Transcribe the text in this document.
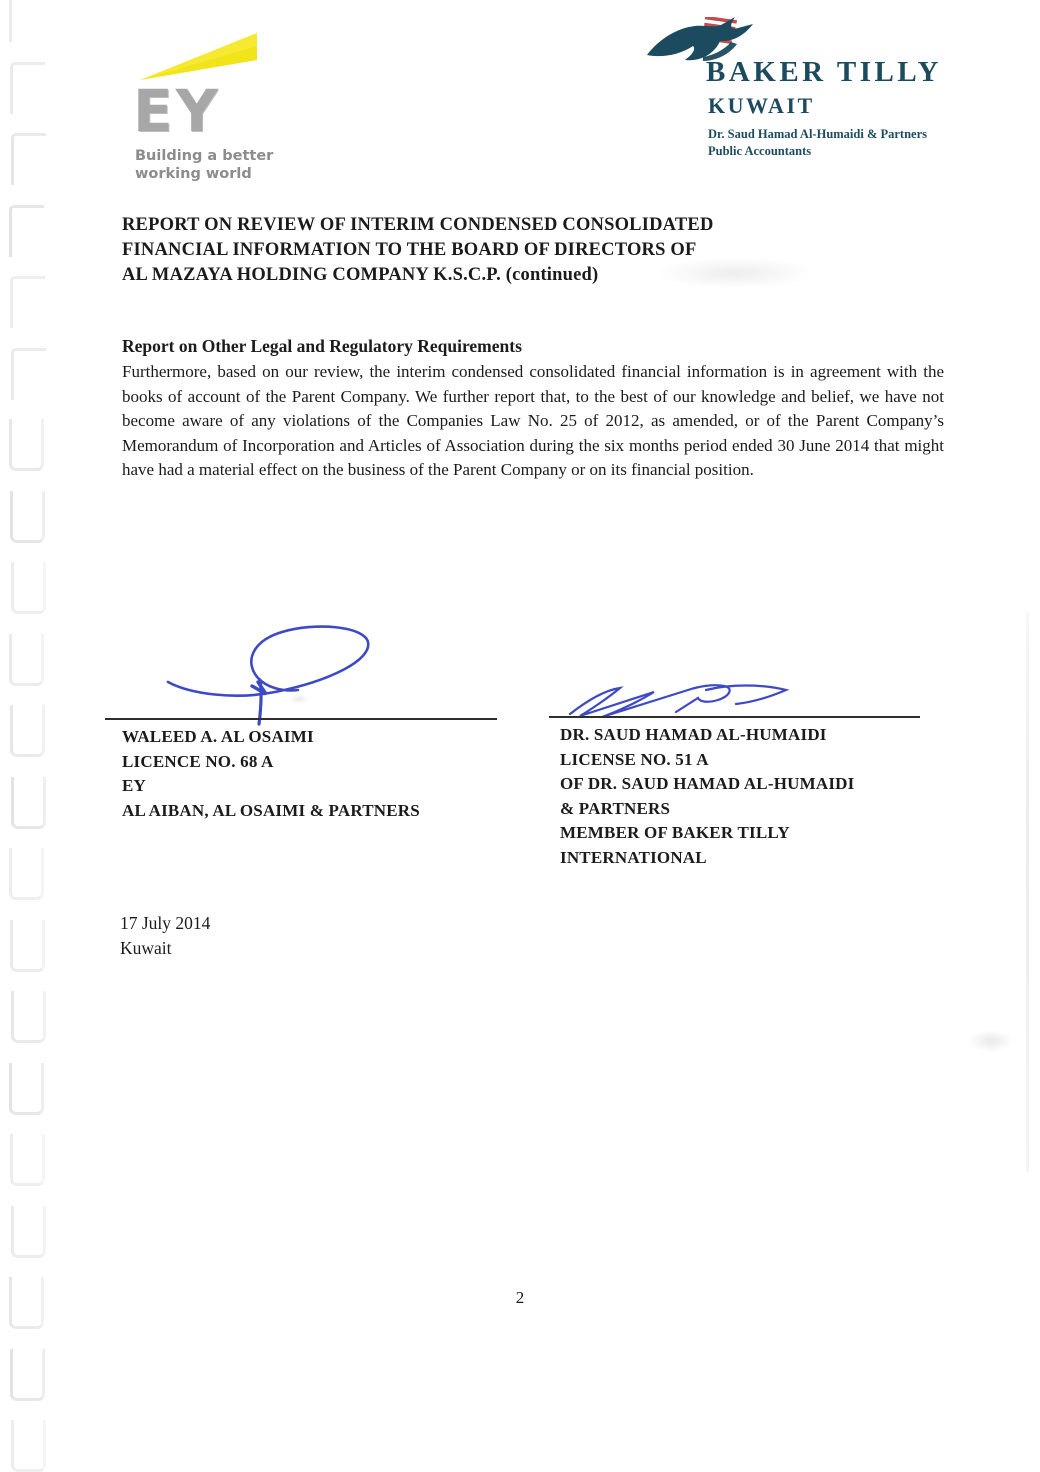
EY
Building a better
working world
BAKER TILLY
KUWAIT
Dr. Saud Hamad Al-Humaidi & Partners
Public Accountants
REPORT ON REVIEW OF INTERIM CONDENSED CONSOLIDATED
FINANCIAL INFORMATION TO THE BOARD OF DIRECTORS OF
AL MAZAYA HOLDING COMPANY K.S.C.P. (continued)
Report on Other Legal and Regulatory Requirements
Furthermore, based on our review, the interim condensed consolidated financial information is in agreement with the books of account of the Parent Company. We further report that, to the best of our knowledge and belief, we have not become aware of any violations of the Companies Law No. 25 of 2012, as amended, or of the Parent Company’s Memorandum of Incorporation and Articles of Association during the six months period ended 30 June 2014 that might have had a material effect on the business of the Parent Company or on its financial position.
WALEED A. AL OSAIMI
LICENCE NO. 68 A
EY
AL AIBAN, AL OSAIMI & PARTNERS
DR. SAUD HAMAD AL-HUMAIDI
LICENSE NO. 51 A
OF DR. SAUD HAMAD AL-HUMAIDI
& PARTNERS
MEMBER OF BAKER TILLY
INTERNATIONAL
17 July 2014
Kuwait
2
